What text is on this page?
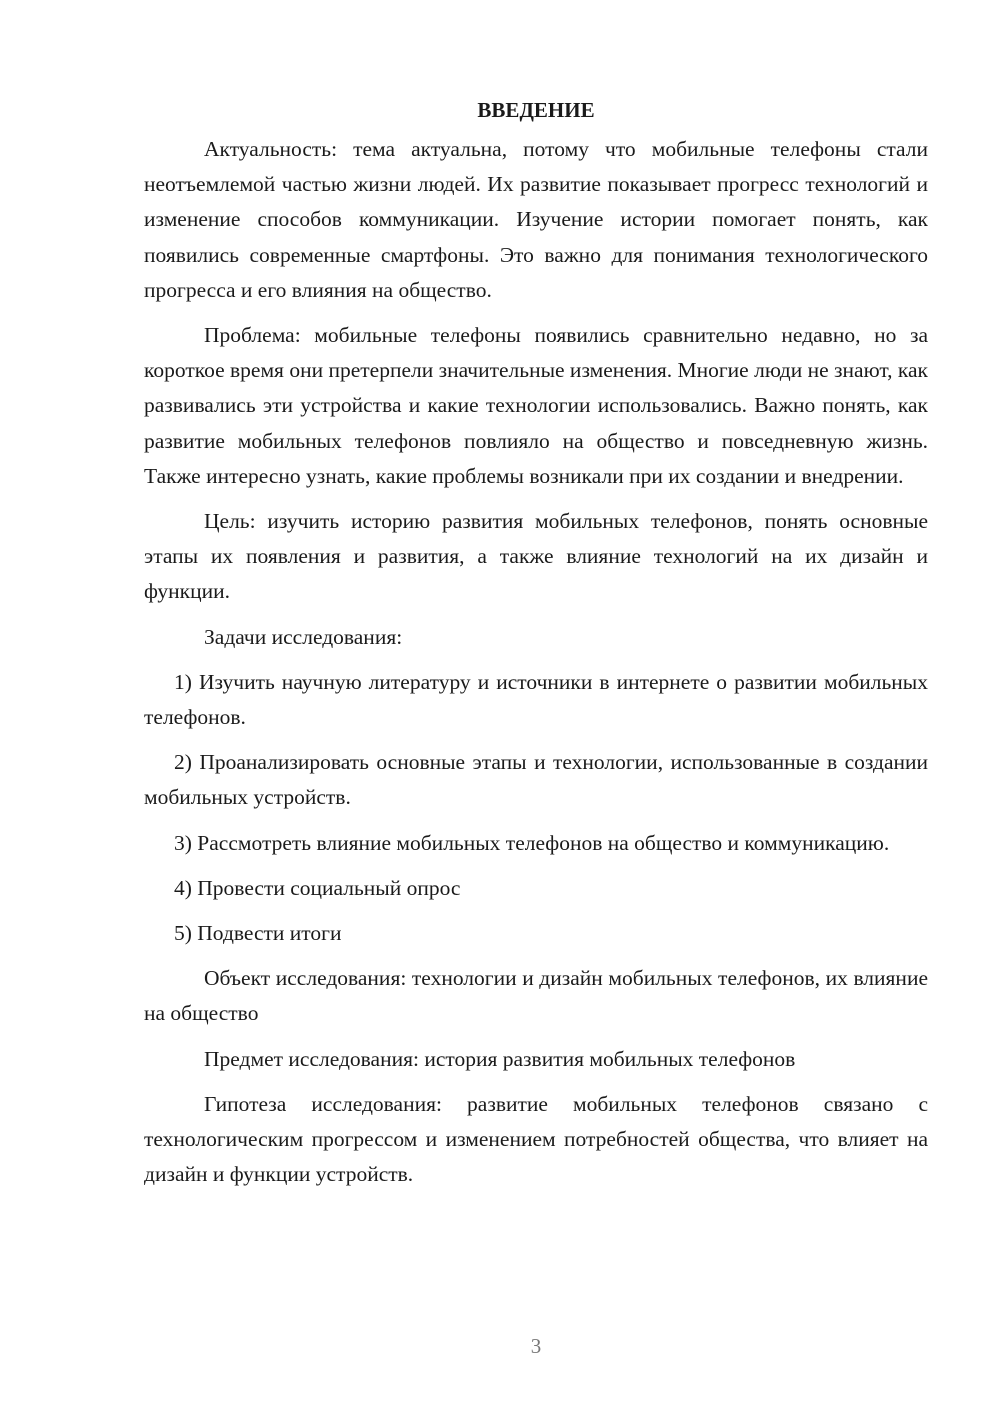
ВВЕДЕНИЕ

Актуальность: тема актуальна, потому что мобильные телефоны стали неотъемлемой частью жизни людей. Их развитие показывает прогресс технологий и изменение способов коммуникации. Изучение истории помогает понять, как появились современные смартфоны. Это важно для понимания технологического прогресса и его влияния на общество.

Проблема: мобильные телефоны появились сравнительно недавно, но за короткое время они претерпели значительные изменения. Многие люди не знают, как развивались эти устройства и какие технологии использовались. Важно понять, как развитие мобильных телефонов повлияло на общество и повседневную жизнь. Также интересно узнать, какие проблемы возникали при их создании и внедрении.

Цель: изучить историю развития мобильных телефонов, понять основные этапы их появления и развития, а также влияние технологий на их дизайн и функции.

Задачи исследования:

1) Изучить научную литературу и источники в интернете о развитии мобильных телефонов.

2) Проанализировать основные этапы и технологии, использованные в создании мобильных устройств.

3) Рассмотреть влияние мобильных телефонов на общество и коммуникацию.

4) Провести социальный опрос

5) Подвести итоги

Объект исследования: технологии и дизайн мобильных телефонов, их влияние на общество

Предмет исследования: история развития мобильных телефонов

Гипотеза исследования: развитие мобильных телефонов связано с технологическим прогрессом и изменением потребностей общества, что влияет на дизайн и функции устройств.

3
